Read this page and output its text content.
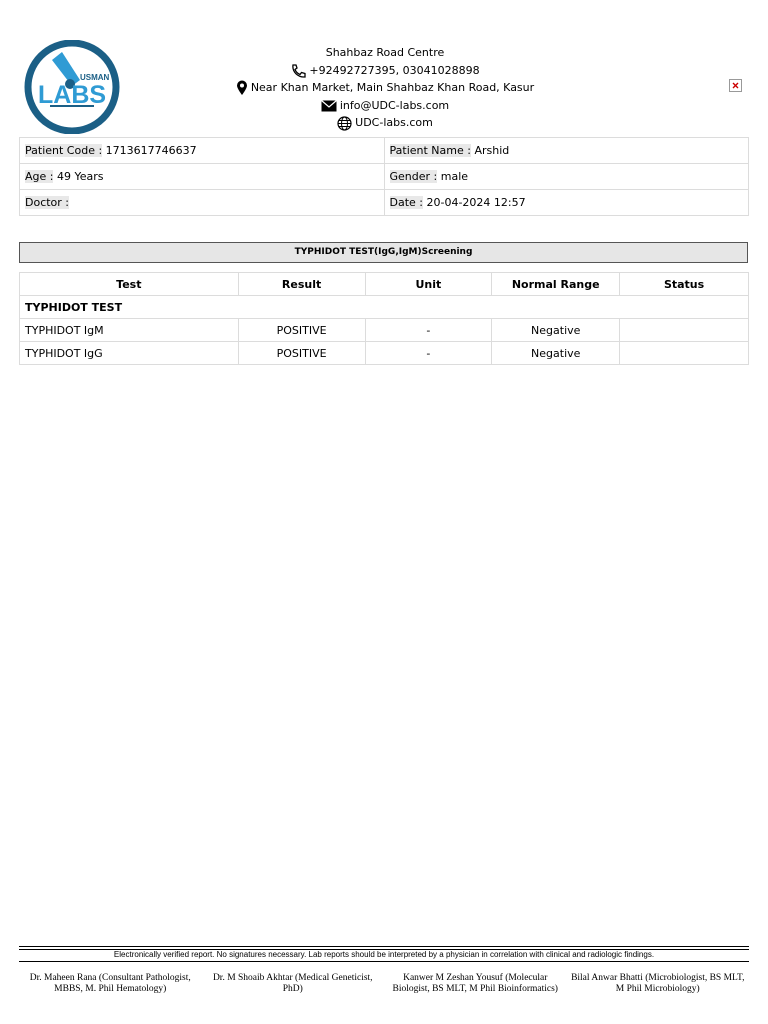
USMAN
LABS
Shahbaz Road Centre
+92492727395, 03041028898
Near Khan Market, Main Shahbaz Khan Road, Kasur
info@UDC-labs.com
UDC-labs.com
Patient Code : 1713617746637	Patient Name : Arshid
Age : 49 Years	Gender : male
Doctor :	Date : 20-04-2024 12:57
TYPHIDOT TEST(IgG,IgM)Screening
Test	Result	Unit	Normal Range	Status
TYPHIDOT TEST				
TYPHIDOT IgM	POSITIVE	-	Negative	
TYPHIDOT IgG	POSITIVE	-	Negative	
Electronically verified report. No signatures necessary. Lab reports should be interpreted by a physician in correlation with clinical and radiologic findings.
Dr. Maheen Rana (Consultant Pathologist, MBBS, M. Phil Hematology)
Dr. M Shoaib Akhtar (Medical Geneticist, PhD)
Kanwer M Zeshan Yousuf (Molecular Biologist, BS MLT, M Phil Bioinformatics)
Bilal Anwar Bhatti (Microbiologist, BS MLT, M Phil Microbiology)
